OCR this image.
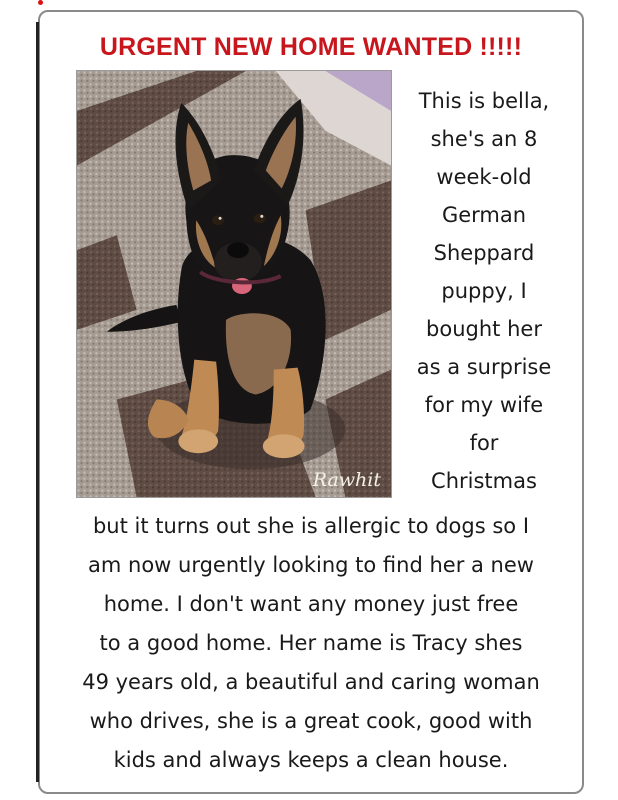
URGENT NEW HOME WANTED !!!!!
Rawhit
This is bella,
she's an 8
week-old
German
Sheppard
puppy, I
bought her
as a surprise
for my wife
for
Christmas
but it turns out she is allergic to dogs so I
am now urgently looking to find her a new
home. I don't want any money just free
to a good home. Her name is Tracy shes
49 years old, a beautiful and caring woman
who drives, she is a great cook, good with
kids and always keeps a clean house.
